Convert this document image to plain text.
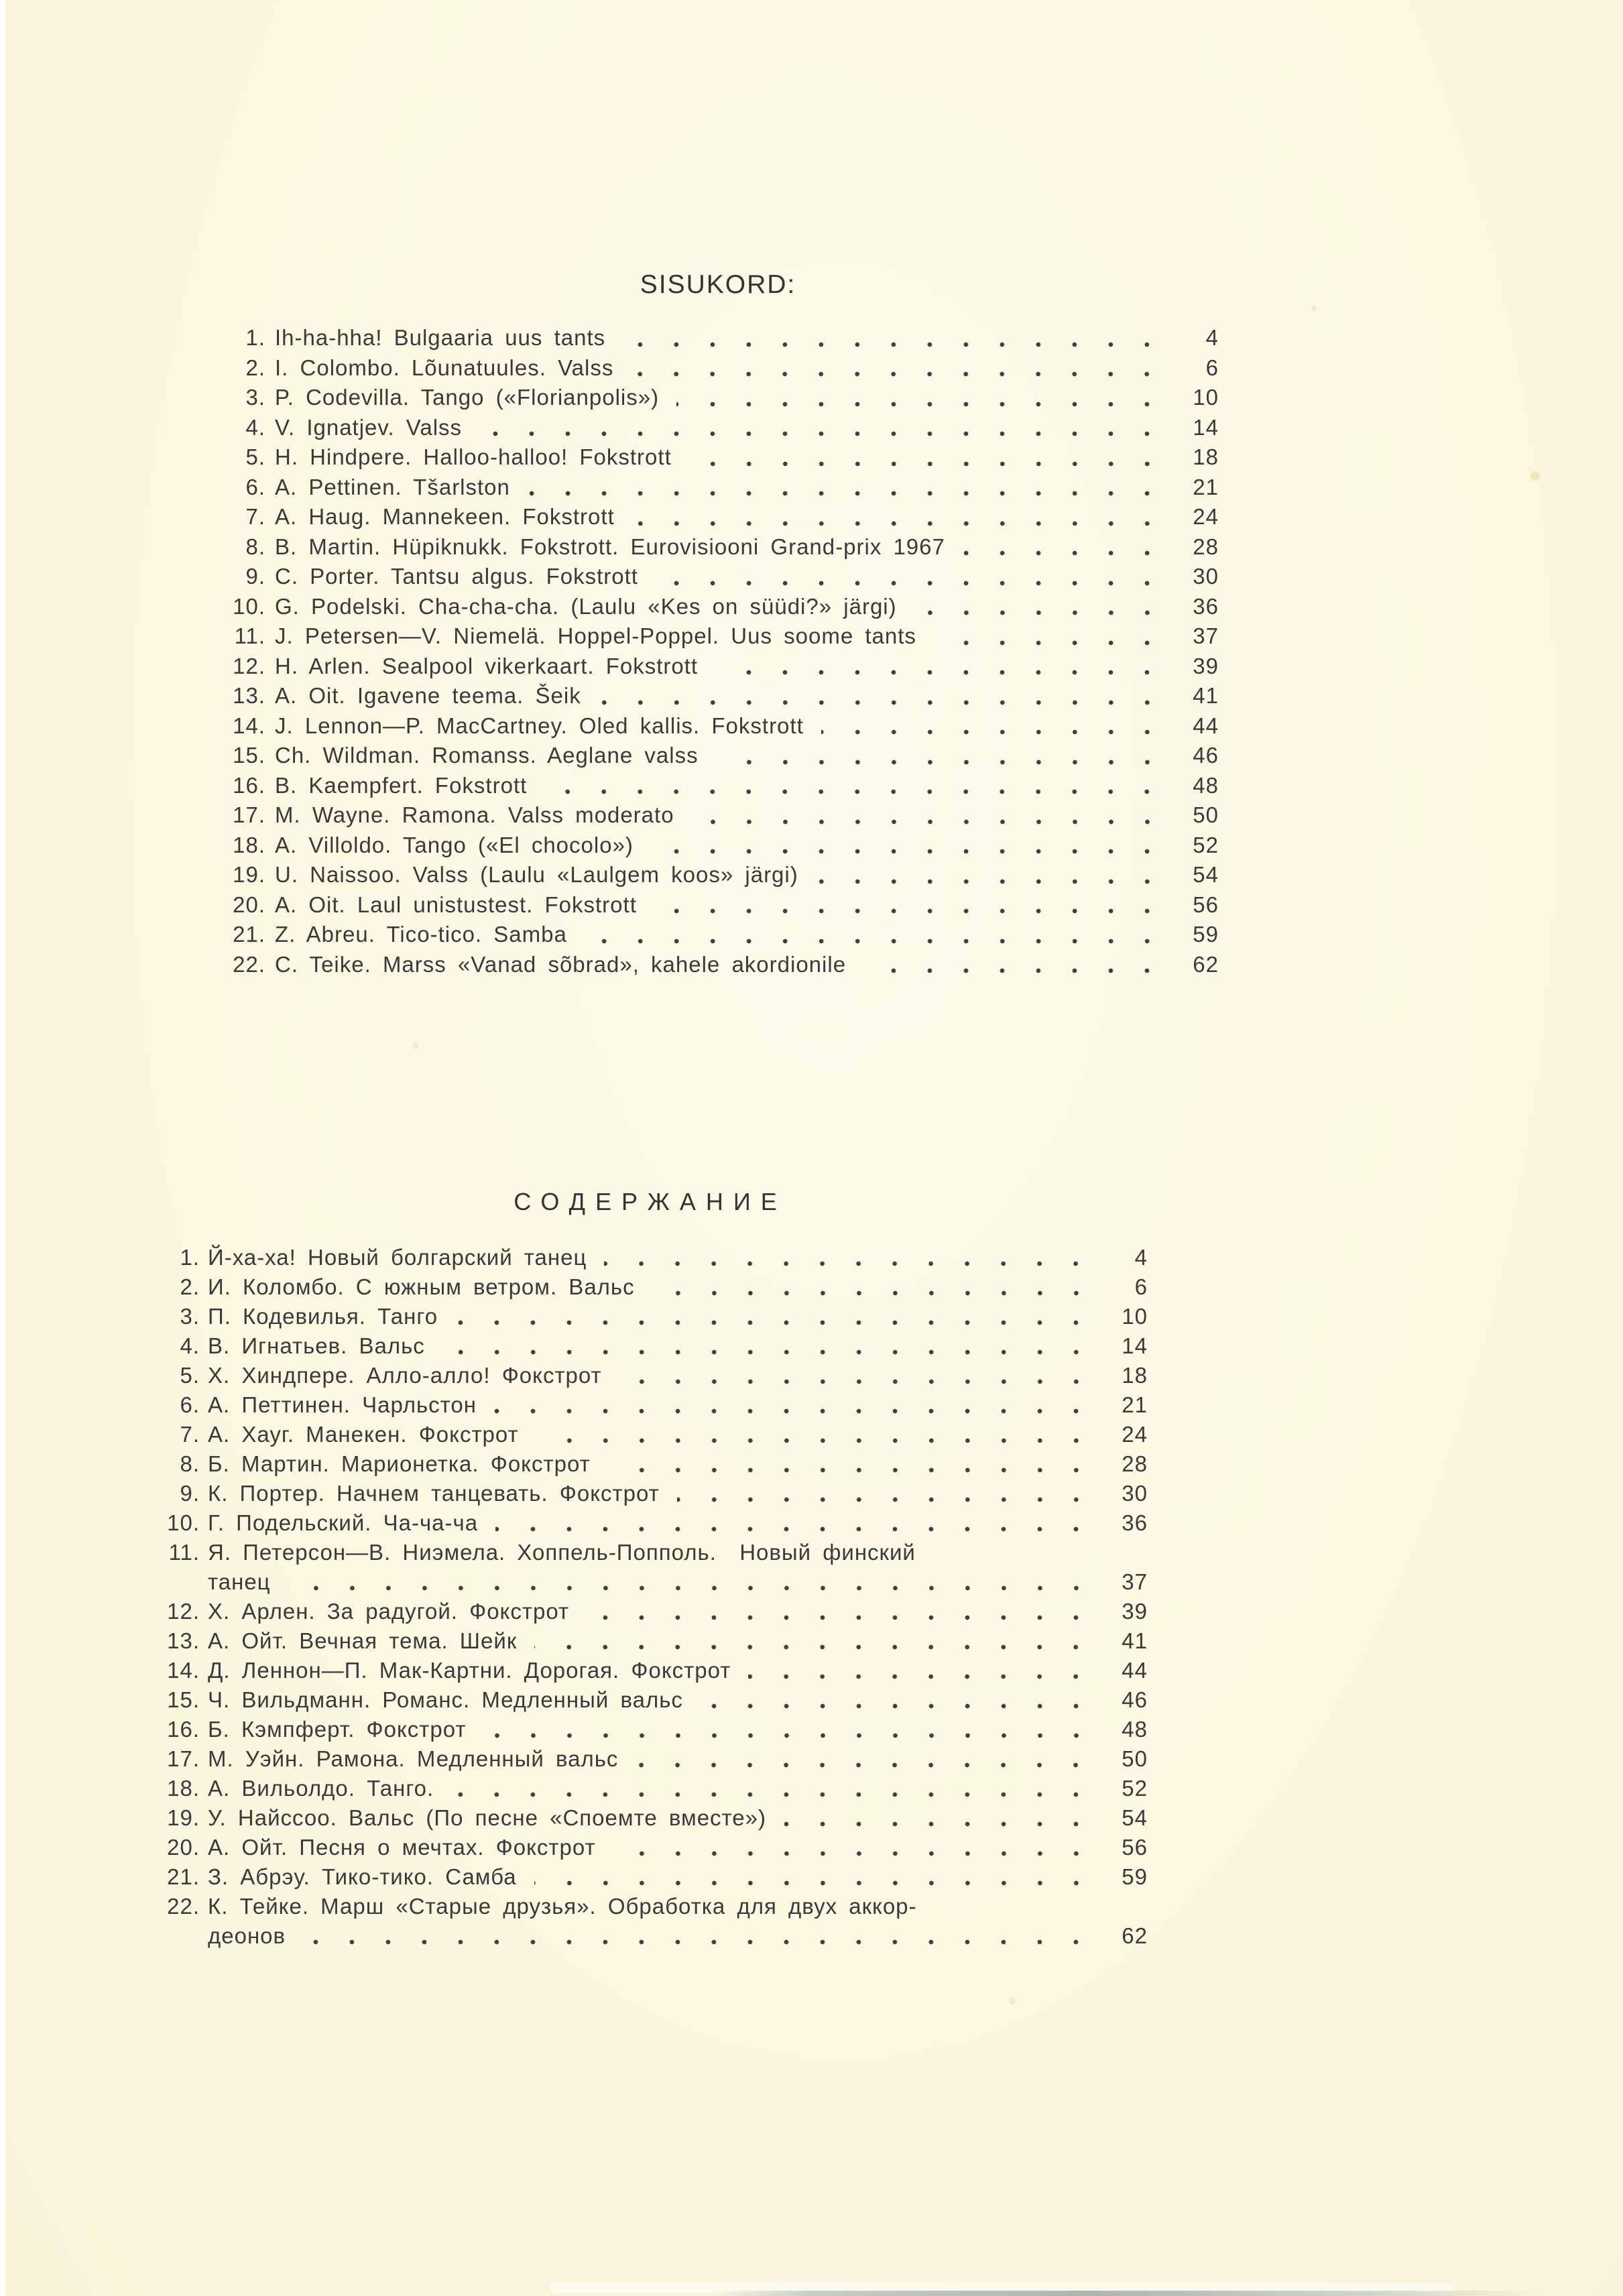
SISUKORD:
1. Ih-ha-hha! Bulgaaria uus tants	4
2. I. Colombo. Lõunatuules. Valss	6
3. P. Codevilla. Tango («Florianpolis»)	10
4. V. Ignatjev. Valss	14
5. H. Hindpere. Halloo-halloo! Fokstrott	18
6. A. Pettinen. Tšarlston	21
7. A. Haug. Mannekeen. Fokstrott	24
8. B. Martin. Hüpiknukk. Fokstrott. Eurovisiooni Grand-prix 1967	28
9. C. Porter. Tantsu algus. Fokstrott	30
10. G. Podelski. Cha-cha-cha. (Laulu «Kes on süüdi?» järgi)	36
11. J. Petersen—V. Niemelä. Hoppel-Poppel. Uus soome tants	37
12. H. Arlen. Sealpool vikerkaart. Fokstrott	39
13. A. Oit. Igavene teema. Šeik	41
14. J. Lennon—P. MacCartney. Oled kallis. Fokstrott	44
15. Ch. Wildman. Romanss. Aeglane valss	46
16. B. Kaempfert. Fokstrott	48
17. M. Wayne. Ramona. Valss moderato	50
18. A. Villoldo. Tango («El chocolo»)	52
19. U. Naissoo. Valss (Laulu «Laulgem koos» järgi)	54
20. A. Oit. Laul unistustest. Fokstrott	56
21. Z. Abreu. Tico-tico. Samba	59
22. C. Teike. Marss «Vanad sõbrad», kahele akordionile	62
СОДЕРЖАНИЕ
1. Й-ха-ха! Новый болгарский танец	4
2. И. Коломбо. С южным ветром. Вальс	6
3. П. Кодевилья. Танго	10
4. В. Игнатьев. Вальс	14
5. Х. Хиндпере. Алло-алло! Фокстрот	18
6. А. Петтинен. Чарльстон	21
7. А. Хауг. Манекен. Фокстрот	24
8. Б. Мартин. Марионетка. Фокстрот	28
9. К. Портер. Начнем танцевать. Фокстрот	30
10. Г. Подельский. Ча-ча-ча	36
11. Я. Петерсон—В. Ниэмела. Хоппель-Попполь.  Новый финский
танец	37
12. Х. Арлен. За радугой. Фокстрот	39
13. А. Ойт. Вечная тема. Шейк	41
14. Д. Леннон—П. Мак-Картни. Дорогая. Фокстрот	44
15. Ч. Вильдманн. Романс. Медленный вальс	46
16. Б. Кэмпферт. Фокстрот	48
17. М. Уэйн. Рамона. Медленный вальс	50
18. А. Вильолдо. Танго.	52
19. У. Найссоо. Вальс (По песне «Споемте вместе»)	54
20. А. Ойт. Песня о мечтах. Фокстрот	56
21. З. Абрэу. Тико-тико. Самба	59
22. К. Тейке. Марш «Старые друзья». Обработка для двух аккор-
деонов	62
